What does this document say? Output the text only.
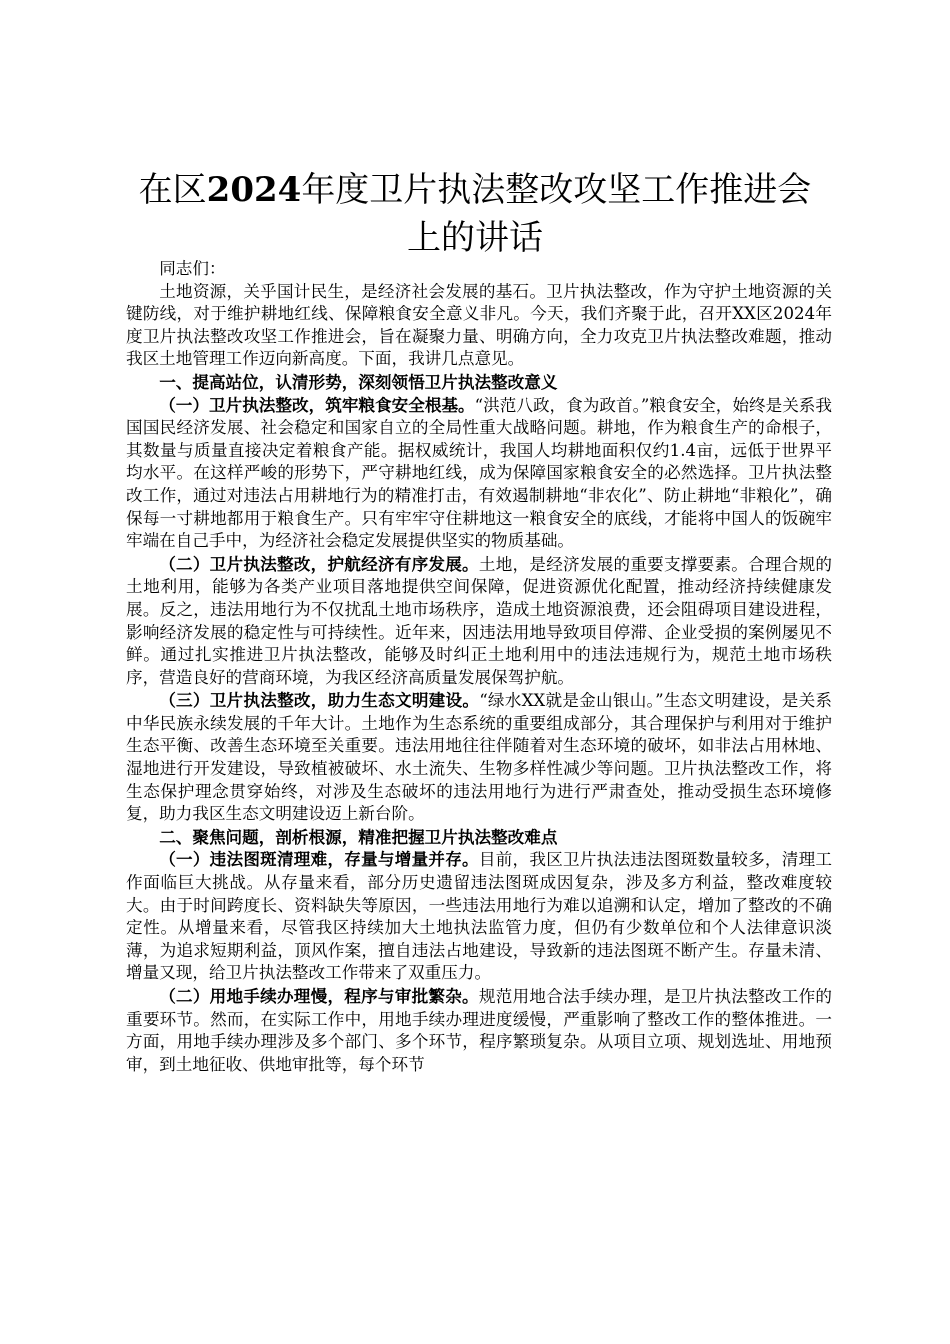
在区2024年度卫片执法整改攻坚工作推进会上的讲话

同志们：

土地资源，关乎国计民生，是经济社会发展的基石。卫片执法整改，作为守护土地资源的关键防线，对于维护耕地红线、保障粮食安全意义非凡。今天，我们齐聚于此，召开XX区2024年度卫片执法整改攻坚工作推进会，旨在凝聚力量、明确方向，全力攻克卫片执法整改难题，推动我区土地管理工作迈向新高度。下面，我讲几点意见。

一、提高站位，认清形势，深刻领悟卫片执法整改意义

（一）卫片执法整改，筑牢粮食安全根基。“洪范八政，食为政首。”粮食安全，始终是关系我国国民经济发展、社会稳定和国家自立的全局性重大战略问题。耕地，作为粮食生产的命根子，其数量与质量直接决定着粮食产能。据权威统计，我国人均耕地面积仅约1.4亩，远低于世界平均水平。在这样严峻的形势下，严守耕地红线，成为保障国家粮食安全的必然选择。卫片执法整改工作，通过对违法占用耕地行为的精准打击，有效遏制耕地“非农化”、防止耕地“非粮化”，确保每一寸耕地都用于粮食生产。只有牢牢守住耕地这一粮食安全的底线，才能将中国人的饭碗牢牢端在自己手中，为经济社会稳定发展提供坚实的物质基础。

（二）卫片执法整改，护航经济有序发展。土地，是经济发展的重要支撑要素。合理合规的土地利用，能够为各类产业项目落地提供空间保障，促进资源优化配置，推动经济持续健康发展。反之，违法用地行为不仅扰乱土地市场秩序，造成土地资源浪费，还会阻碍项目建设进程，影响经济发展的稳定性与可持续性。近年来，因违法用地导致项目停滞、企业受损的案例屡见不鲜。通过扎实推进卫片执法整改，能够及时纠正土地利用中的违法违规行为，规范土地市场秩序，营造良好的营商环境，为我区经济高质量发展保驾护航。

（三）卫片执法整改，助力生态文明建设。“绿水XX就是金山银山。”生态文明建设，是关系中华民族永续发展的千年大计。土地作为生态系统的重要组成部分，其合理保护与利用对于维护生态平衡、改善生态环境至关重要。违法用地往往伴随着对生态环境的破坏，如非法占用林地、湿地进行开发建设，导致植被破坏、水土流失、生物多样性减少等问题。卫片执法整改工作，将生态保护理念贯穿始终，对涉及生态破坏的违法用地行为进行严肃查处，推动受损生态环境修复，助力我区生态文明建设迈上新台阶。

二、聚焦问题，剖析根源，精准把握卫片执法整改难点

（一）违法图斑清理难，存量与增量并存。目前，我区卫片执法违法图斑数量较多，清理工作面临巨大挑战。从存量来看，部分历史遗留违法图斑成因复杂，涉及多方利益，整改难度较大。由于时间跨度长、资料缺失等原因，一些违法用地行为难以追溯和认定，增加了整改的不确定性。从增量来看，尽管我区持续加大土地执法监管力度，但仍有少数单位和个人法律意识淡薄，为追求短期利益，顶风作案，擅自违法占地建设，导致新的违法图斑不断产生。存量未清、增量又现，给卫片执法整改工作带来了双重压力。

（二）用地手续办理慢，程序与审批繁杂。规范用地合法手续办理，是卫片执法整改工作的重要环节。然而，在实际工作中，用地手续办理进度缓慢，严重影响了整改工作的整体推进。一方面，用地手续办理涉及多个部门、多个环节，程序繁琐复杂。从项目立项、规划选址、用地预审，到土地征收、供地审批等，每个环节
